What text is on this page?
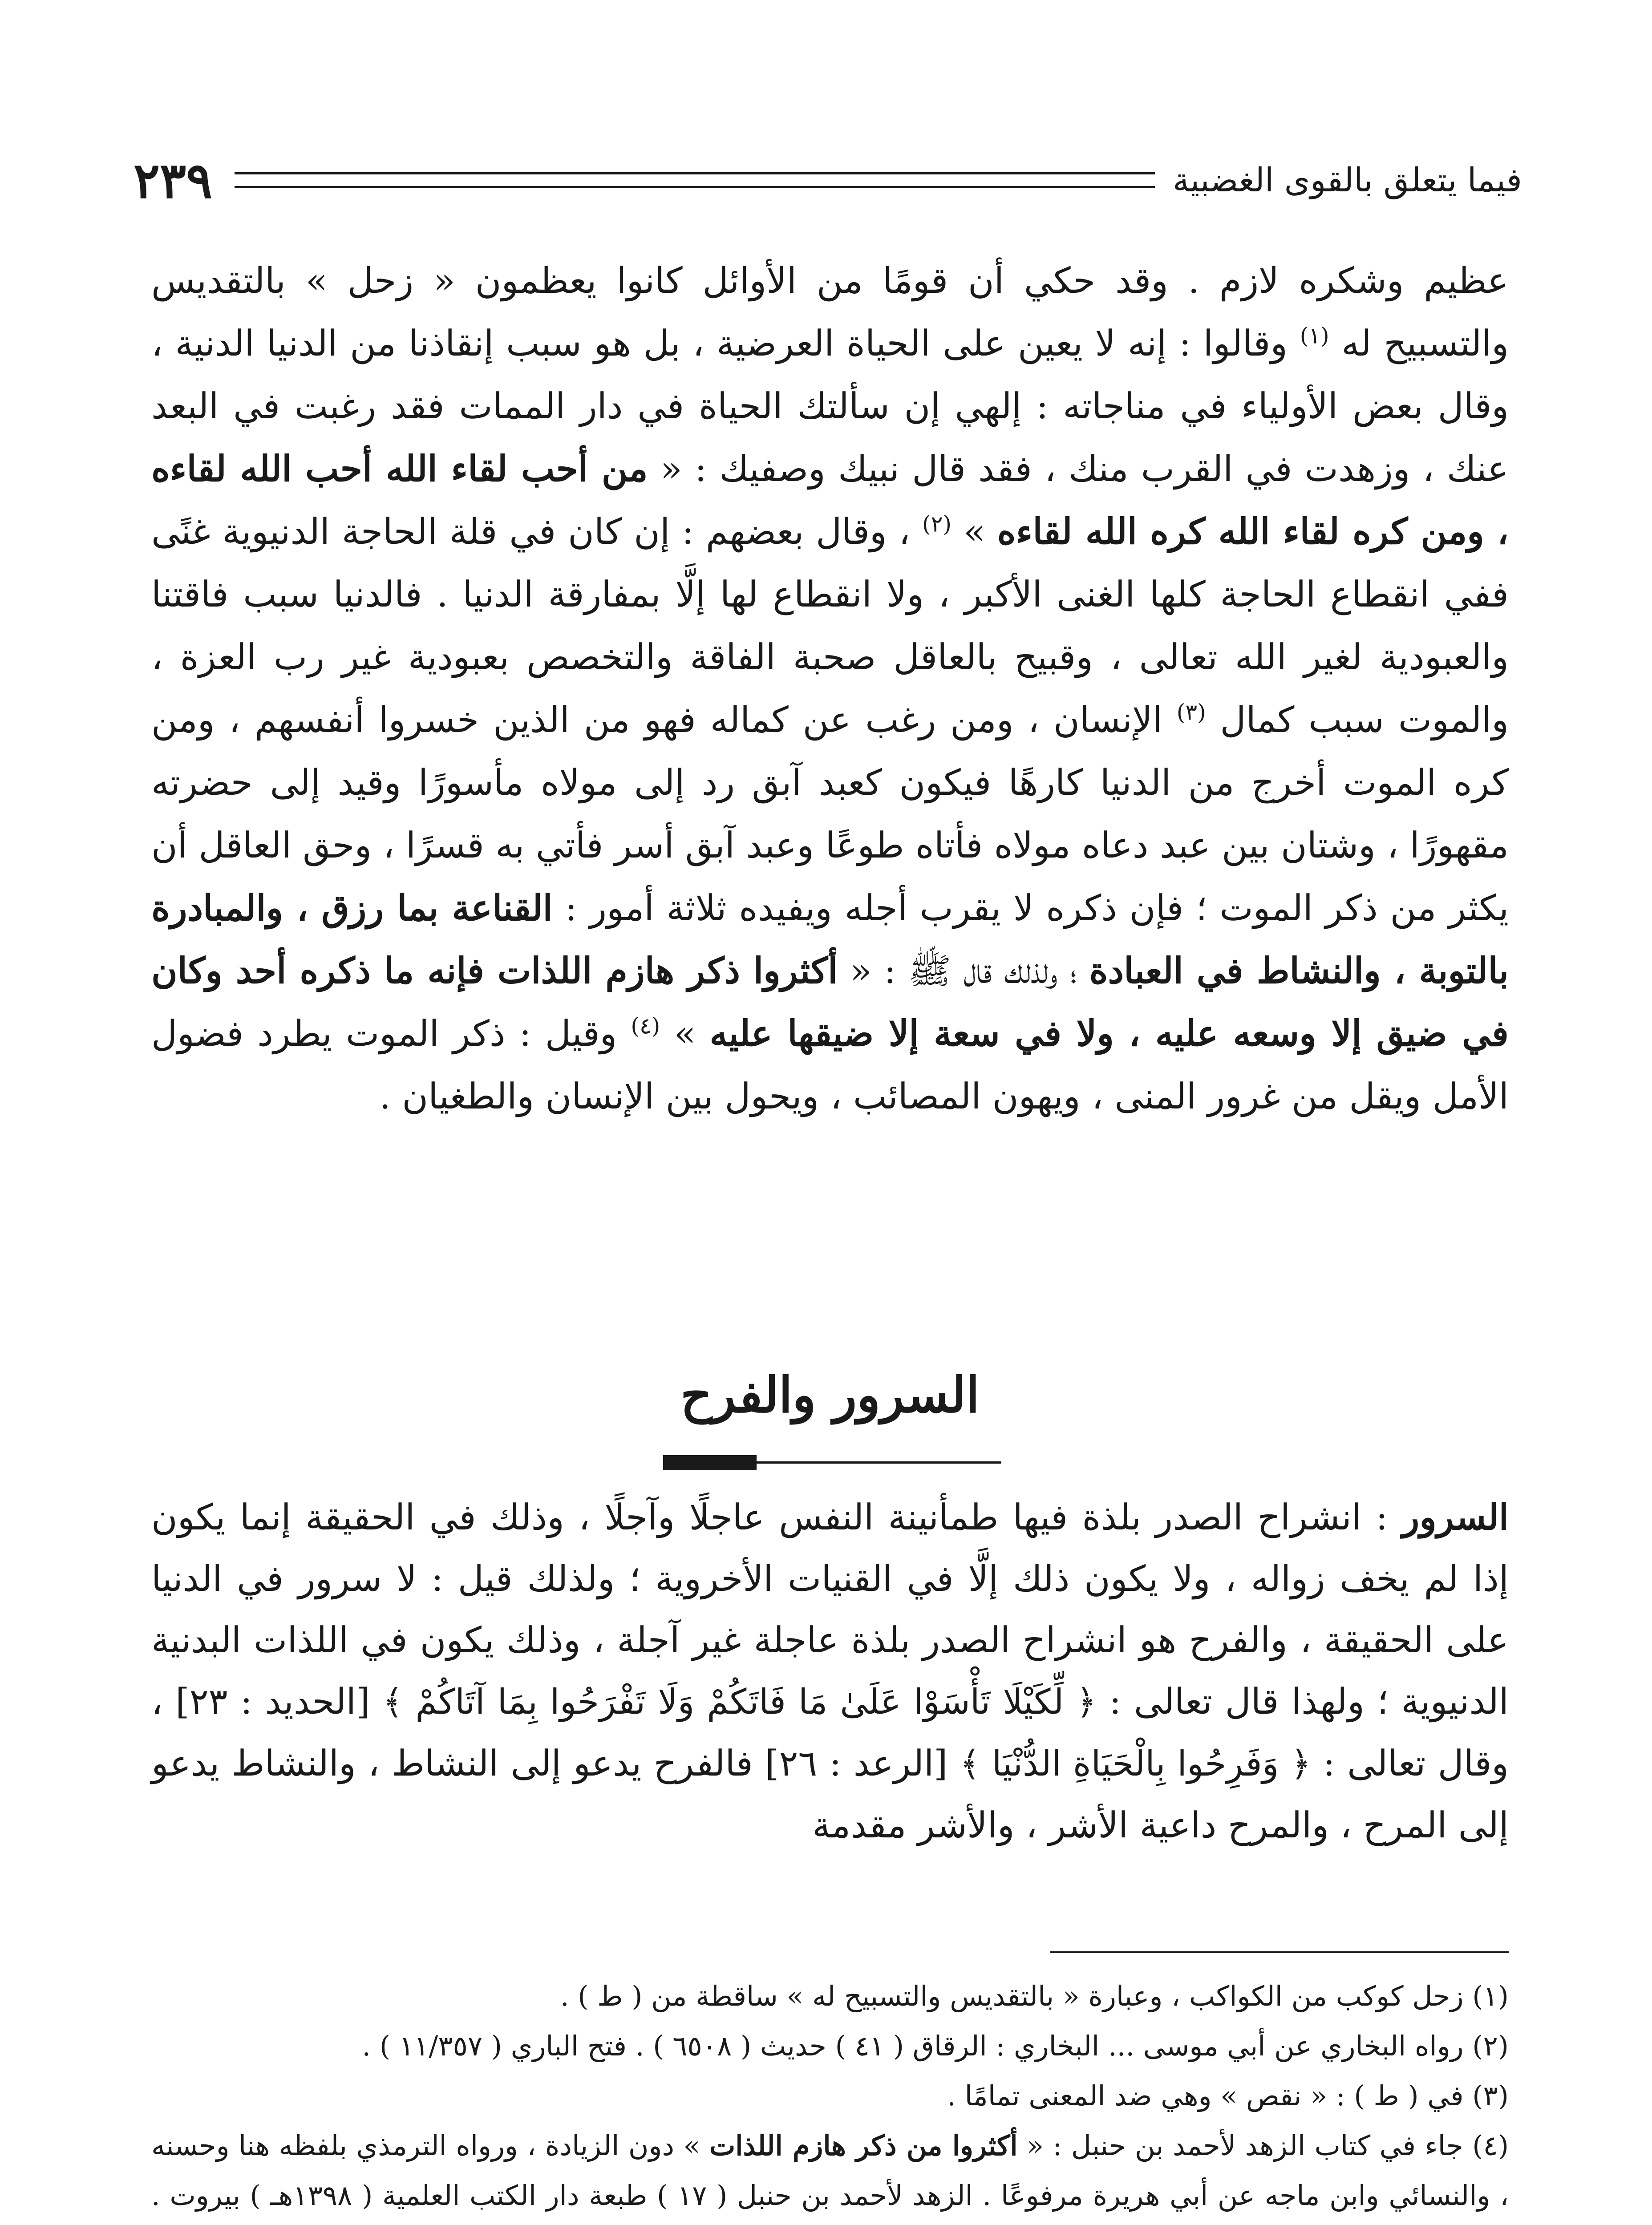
فيما يتعلق بالقوى الغضبية
٢٣٩

عظيم وشكره لازم . وقد حكي أن قومًا من الأوائل كانوا يعظمون « زحل » بالتقديس والتسبيح له $^{(١)}$ وقالوا : إنه لا يعين على الحياة العرضية ، بل هو سبب إنقاذنا من الدنيا الدنية ، وقال بعض الأولياء في مناجاته : إلهي إن سألتك الحياة في دار الممات فقد رغبت في البعد عنك ، وزهدت في القرب منك ، فقد قال نبيك وصفيك : « من أحب لقاء الله أحب الله لقاءه ، ومن كره لقاء الله كره الله لقاءه » $^{(٢)}$ ، وقال بعضهم : إن كان في قلة الحاجة الدنيوية غنًى ففي انقطاع الحاجة كلها الغنى الأكبر ، ولا انقطاع لها إلَّا بمفارقة الدنيا . فالدنيا سبب فاقتنا والعبودية لغير الله تعالى ، وقبيح بالعاقل صحبة الفاقة والتخصص بعبودية غير رب العزة ، والموت سبب كمال $^{(٣)}$ الإنسان ، ومن رغب عن كماله فهو من الذين خسروا أنفسهم ، ومن كره الموت أخرج من الدنيا كارهًا فيكون كعبد آبق رد إلى مولاه مأسورًا وقيد إلى حضرته مقهورًا ، وشتان بين عبد دعاه مولاه فأتاه طوعًا وعبد آبق أسر فأتي به قسرًا ، وحق العاقل أن يكثر من ذكر الموت ؛ فإن ذكره لا يقرب أجله ويفيده ثلاثة أمور : القناعة بما رزق ، والمبادرة بالتوبة ، والنشاط في العبادة ؛ ولذلك قال ﷺ : « أكثروا ذكر هازم اللذات فإنه ما ذكره أحد وكان في ضيق إلا وسعه عليه ، ولا في سعة إلا ضيقها عليه » $^{(٤)}$ وقيل : ذكر الموت يطرد فضول الأمل ويقل من غرور المنى ، ويهون المصائب ، ويحول بين الإنسان والطغيان .

السرور والفرح

السرور : انشراح الصدر بلذة فيها طمأنينة النفس عاجلًا وآجلًا ، وذلك في الحقيقة إنما يكون إذا لم يخف زواله ، ولا يكون ذلك إلَّا في القنيات الأخروية ؛ ولذلك قيل : لا سرور في الدنيا على الحقيقة ، والفرح هو انشراح الصدر بلذة عاجلة غير آجلة ، وذلك يكون في اللذات البدنية الدنيوية ؛ ولهذا قال تعالى : ﴿ لِّكَيْلَا تَأْسَوْا عَلَىٰ مَا فَاتَكُمْ وَلَا تَفْرَحُوا بِمَا آتَاكُمْ ﴾ [الحديد : ٢٣] ، وقال تعالى : ﴿ وَفَرِحُوا بِالْحَيَاةِ الدُّنْيَا ﴾ [الرعد : ٢٦] فالفرح يدعو إلى النشاط ، والنشاط يدعو إلى المرح ، والمرح داعية الأشر ، والأشر مقدمة

(١) زحل كوكب من الكواكب ، وعبارة « بالتقديس والتسبيح له » ساقطة من ( ط ) .

(٢) رواه البخاري عن أبي موسى ... البخاري : الرقاق ( ٤١ ) حديث ( ٦٥٠٨ ) . فتح الباري ( ١١/٣٥٧ ) .

(٣) في ( ط ) : « نقص » وهي ضد المعنى تمامًا .

(٤) جاء في كتاب الزهد لأحمد بن حنبل : « أكثروا من ذكر هازم اللذات » دون الزيادة ، ورواه الترمذي بلفظه هنا وحسنه ، والنسائي وابن ماجه عن أبي هريرة مرفوعًا . الزهد لأحمد بن حنبل ( ١٧ ) طبعة دار الكتب العلمية ( ١٣٩٨هـ ) بيروت .
